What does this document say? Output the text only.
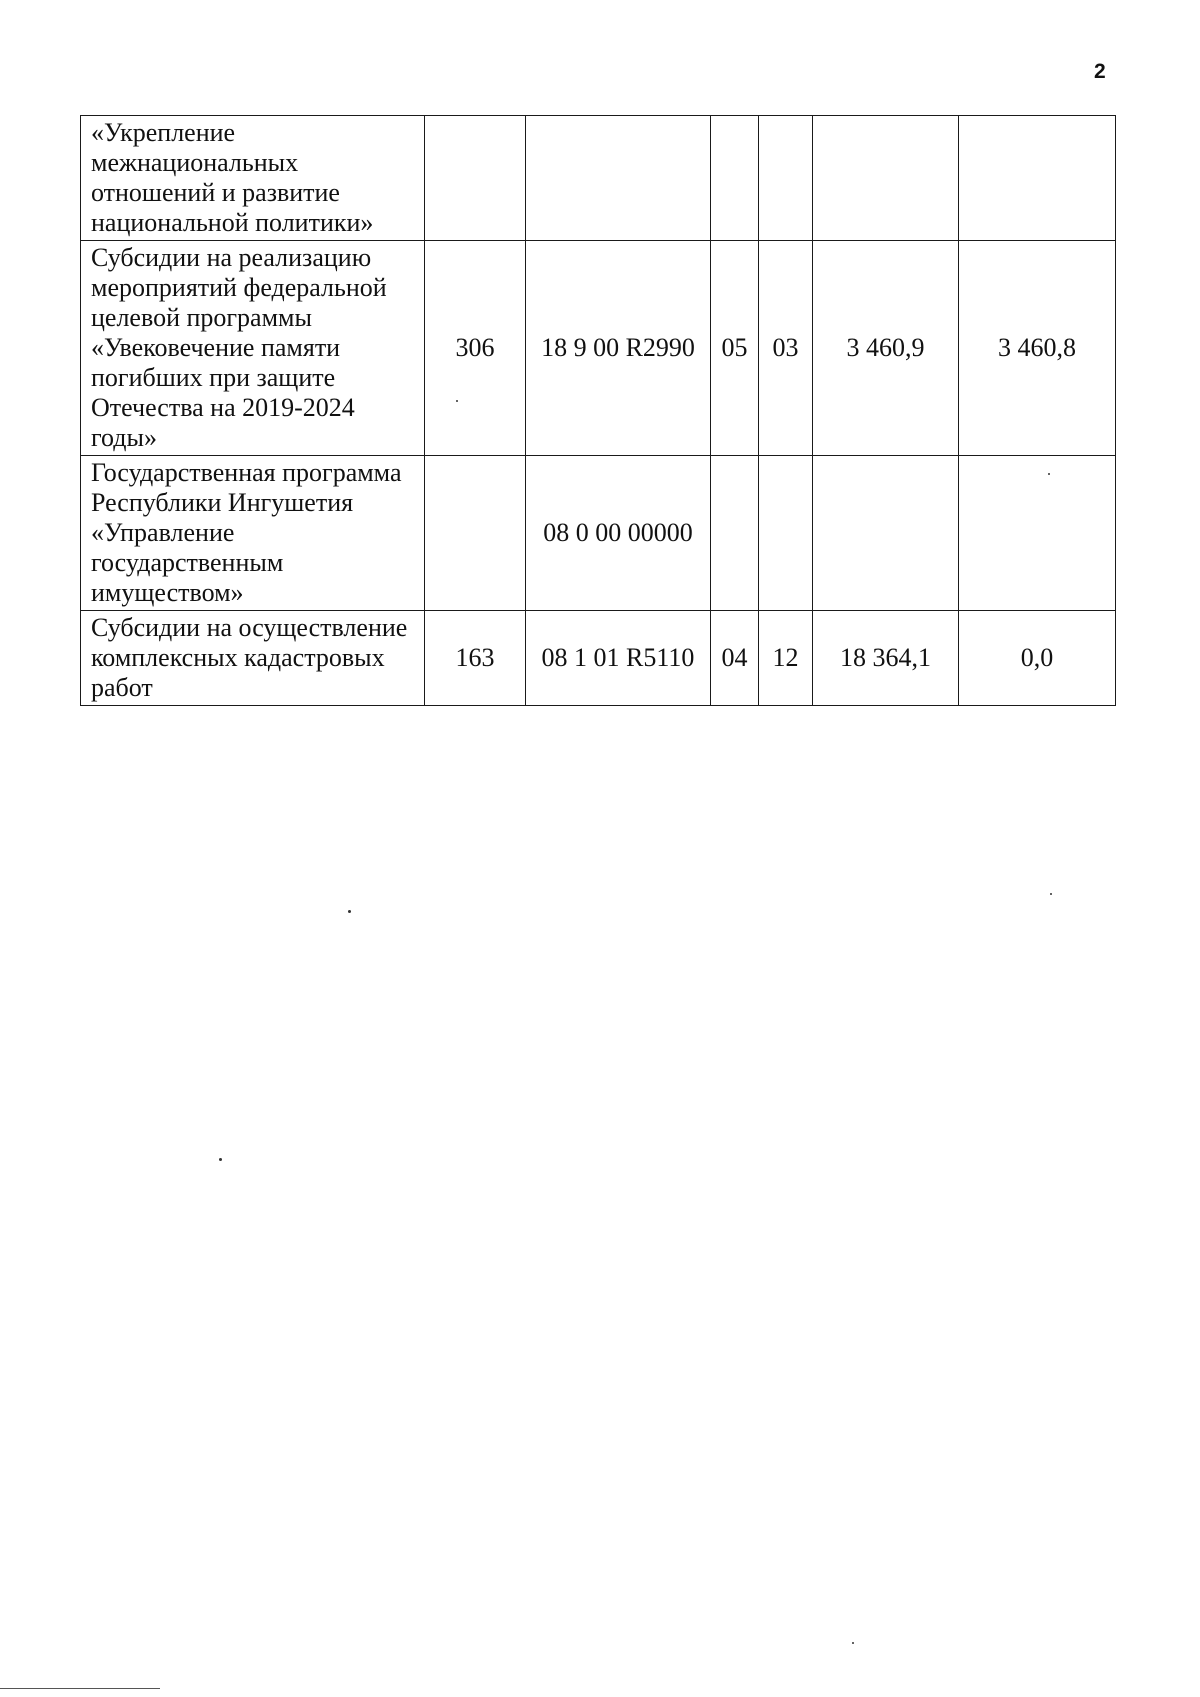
2
«Укрепление межнациональных отношений и развитие национальной политики»						
Субсидии на реализацию мероприятий федеральной целевой программы «Увековечение памяти погибших при защите Отечества на 2019-2024 годы»	306	18 9 00 R2990	05	03	3 460,9	3 460,8
Государственная программа Республики Ингушетия «Управление государственным имуществом»		08 0 00 00000				
Субсидии на осуществление комплексных кадастровых работ	163	08 1 01 R5110	04	12	18 364,1	0,0
